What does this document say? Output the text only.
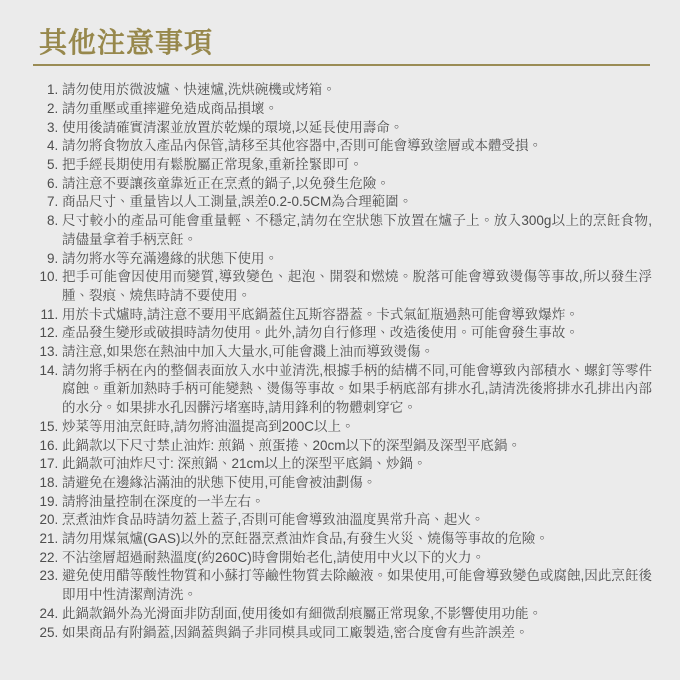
其他注意事項
1. 請勿使用於微波爐、快速爐,洗烘碗機或烤箱。
2. 請勿重壓或重摔避免造成商品損壞。
3. 使用後請確實清潔並放置於乾燥的環境,以延長使用壽命。
4. 請勿將食物放入產品內保管,請移至其他容器中,否則可能會導致塗層或本體受損。
5. 把手經長期使用有鬆脫屬正常現象,重新拴緊即可。
6. 請注意不要讓孩童靠近正在烹煮的鍋子,以免發生危險。
7. 商品尺寸、重量皆以人工測量,誤差0.2-0.5CM為合理範圍。
8. 尺寸較小的產品可能會重量輕、不穩定,請勿在空狀態下放置在爐子上。放入300g以上的烹飪食物,請儘量拿着手柄烹飪。
9. 請勿將水等充滿邊緣的狀態下使用。
10. 把手可能會因使用而變質,導致變色、起泡、開裂和燃燒。脫落可能會導致燙傷等事故,所以發生浮腫、裂痕、燒焦時請不要使用。
11. 用於卡式爐時,請注意不要用平底鍋蓋住瓦斯容器蓋。卡式氣缸瓶過熱可能會導致爆炸。
12. 產品發生變形或破損時請勿使用。此外,請勿自行修理、改造後使用。可能會發生事故。
13. 請注意,如果您在熱油中加入大量水,可能會濺上油而導致燙傷。
14. 請勿將手柄在內的整個表面放入水中並清洗,根據手柄的結構不同,可能會導致內部積水、螺釘等零件腐蝕。重新加熱時手柄可能變熱、燙傷等事故。如果手柄底部有排水孔,請清洗後將排水孔排出內部的水分。如果排水孔因髒污堵塞時,請用鋒利的物體刺穿它。
15. 炒菜等用油烹飪時,請勿將油溫提高到200C以上。
16. 此鍋款以下尺寸禁止油炸: 煎鍋、煎蛋捲、20cm以下的深型鍋及深型平底鍋。
17. 此鍋款可油炸尺寸: 深煎鍋、21cm以上的深型平底鍋、炒鍋。
18. 請避免在邊緣沾滿油的狀態下使用,可能會被油劃傷。
19. 請將油量控制在深度的一半左右。
20. 烹煮油炸食品時請勿蓋上蓋子,否則可能會導致油溫度異常升高、起火。
21. 請勿用煤氣爐(GAS)以外的烹飪器烹煮油炸食品,有發生火災、燒傷等事故的危險。
22. 不沾塗層超過耐熱溫度(約260C)時會開始老化,請使用中火以下的火力。
23. 避免使用醋等酸性物質和小蘇打等鹼性物質去除鹼液。如果使用,可能會導致變色或腐蝕,因此烹飪後即用中性清潔劑清洗。
24. 此鍋款鍋外為光滑面非防刮面,使用後如有細微刮痕屬正常現象,不影響使用功能。
25. 如果商品有附鍋蓋,因鍋蓋與鍋子非同模具或同工廠製造,密合度會有些許誤差。
